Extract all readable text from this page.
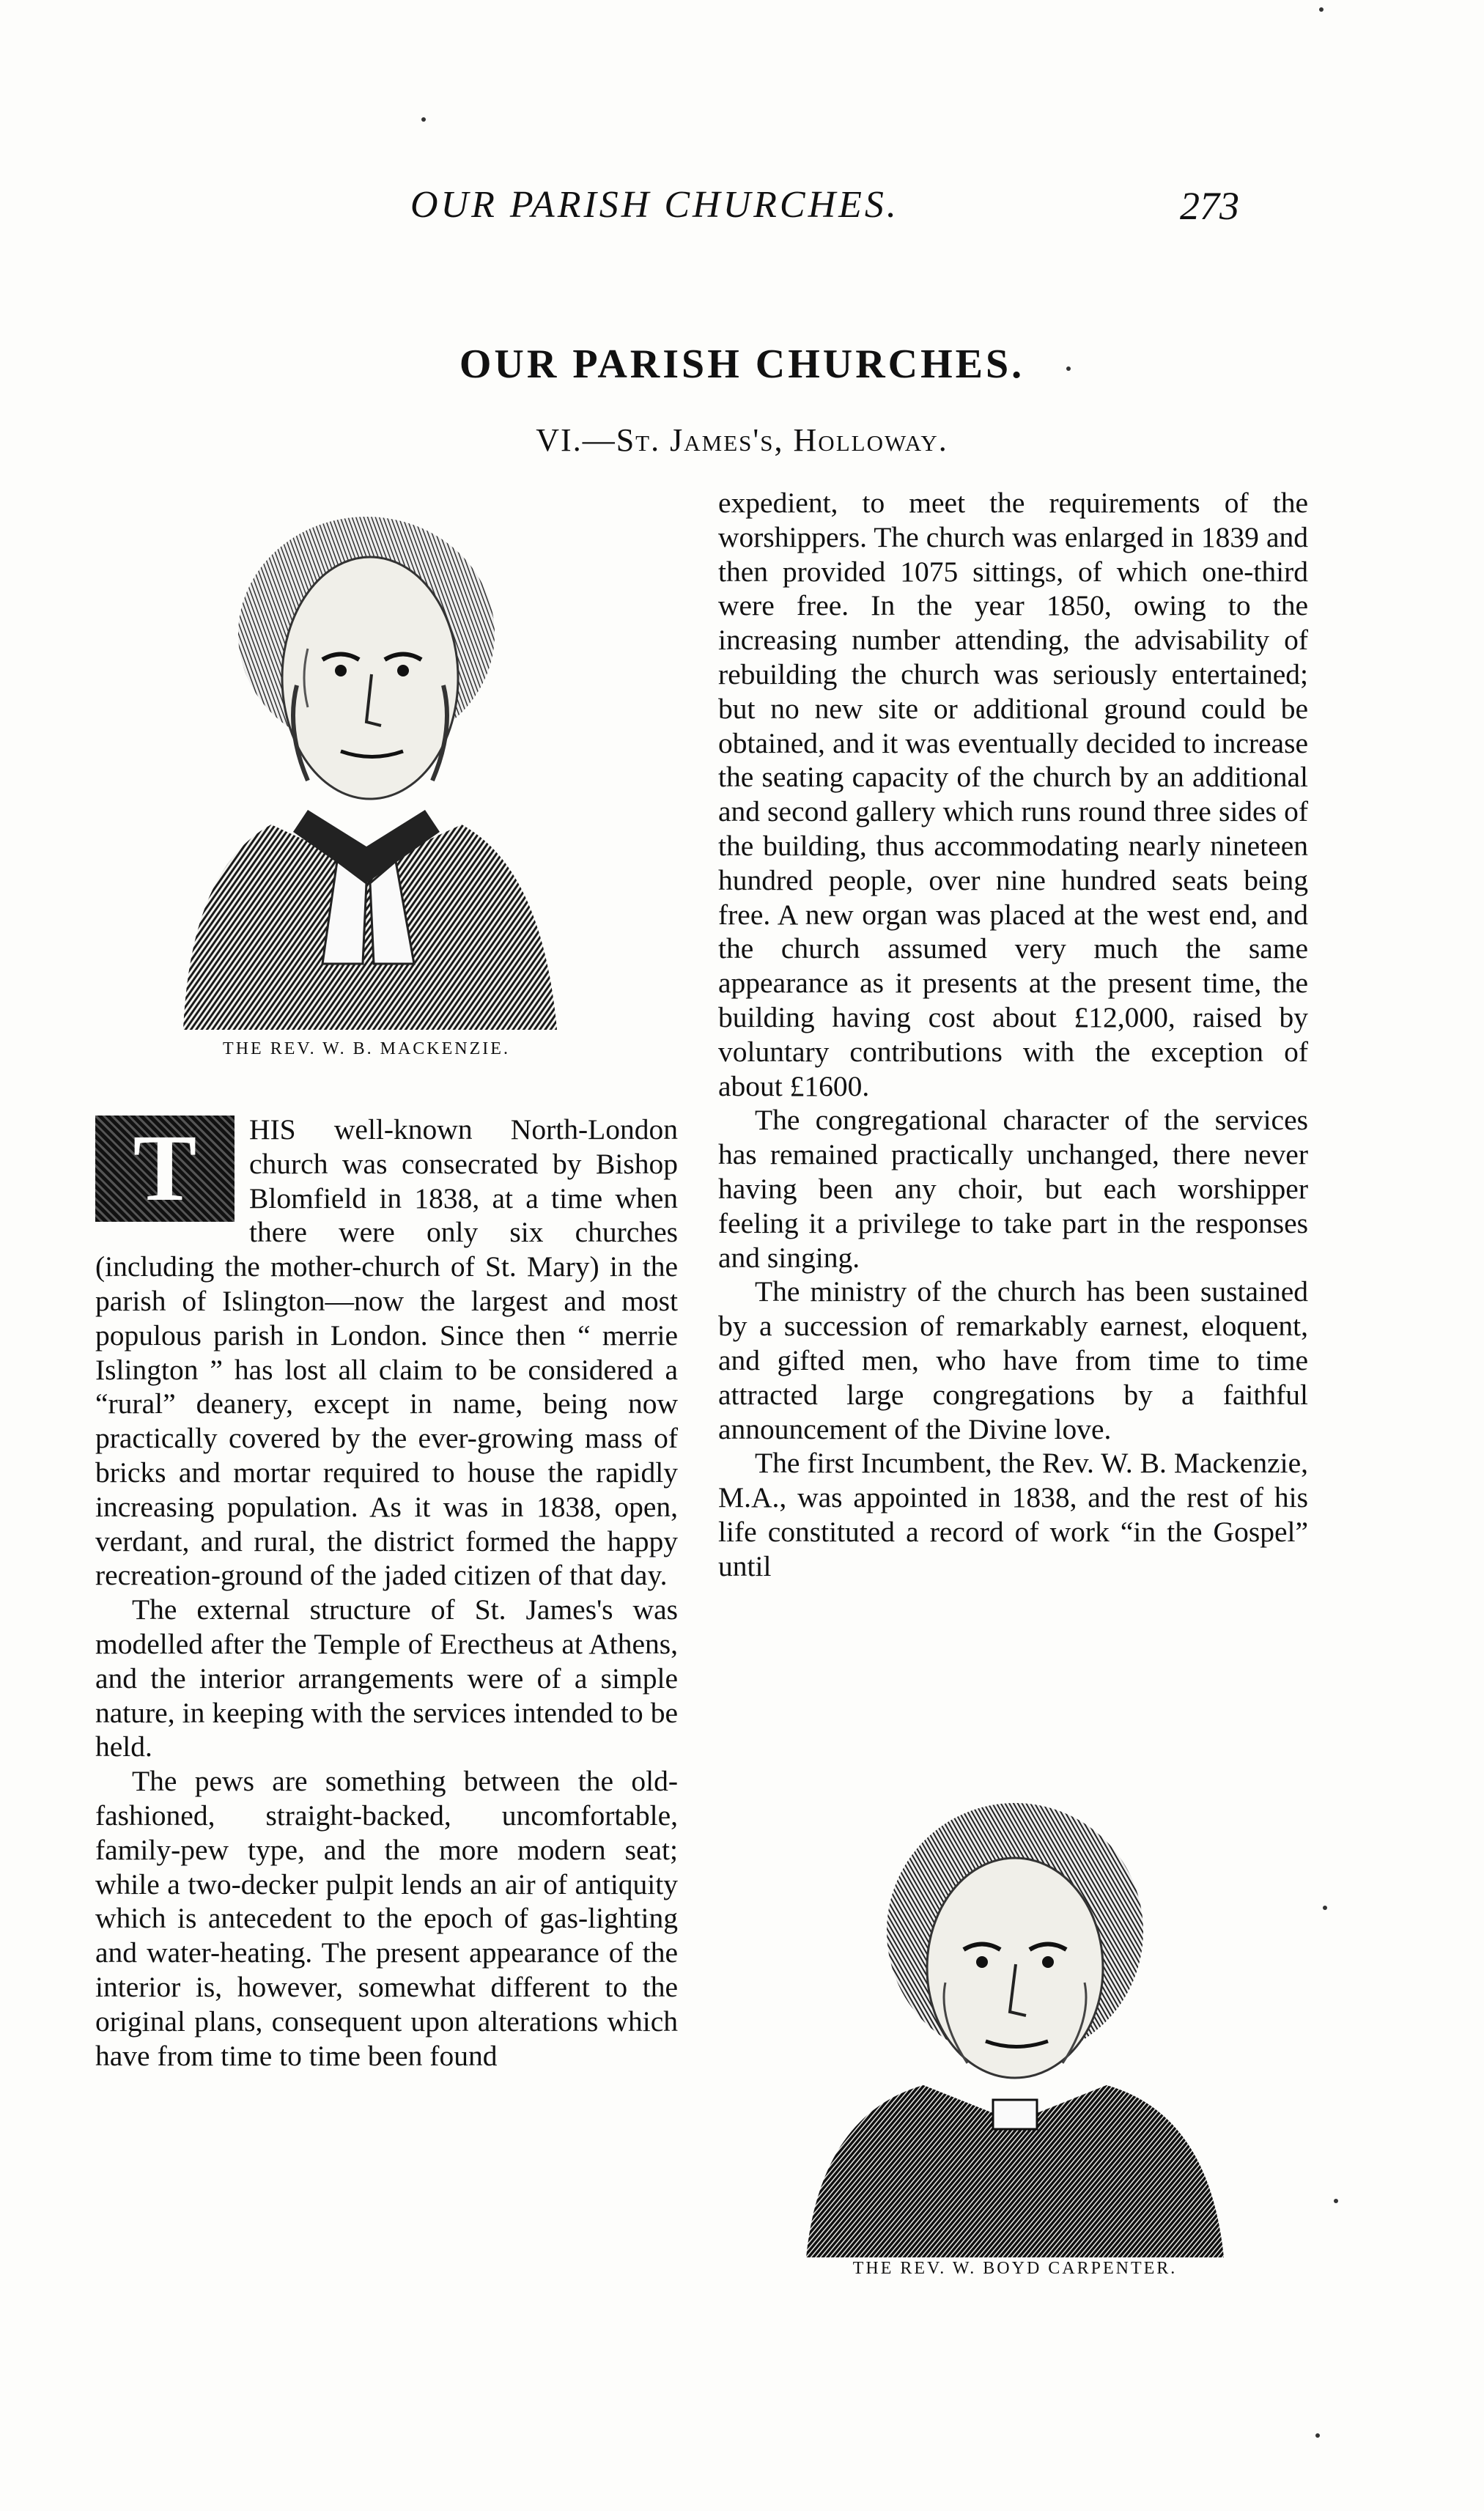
OUR PARISH CHURCHES.	273
OUR PARISH CHURCHES.
VI.—St. James's, Holloway.
THE REV. W. B. MACKENZIE.
THE REV. W. BOYD CARPENTER.

T	HIS well-known North-London church was consecrated by Bishop Blomfield in 1838, at a time when there were only six churches (including the mother-church of St. Mary) in the parish of Islington—now the largest and most populous parish in London. Since then “ merrie Islington ” has lost all claim to be considered a “rural” deanery, except in name, being now practically covered by the ever-growing mass of bricks and mortar required to house the rapidly increasing population. As it was in 1838, open, verdant, and rural, the district formed the happy recreation-ground of the jaded citizen of that day.

The external structure of St. James's was modelled after the Temple of Erectheus at Athens, and the interior arrangements were of a simple nature, in keeping with the services intended to be held.

The pews are something between the old-fashioned, straight-backed, uncomfortable, family-pew type, and the more modern seat; while a two-decker pulpit lends an air of antiquity which is antecedent to the epoch of gas-lighting and water-heating. The present appearance of the interior is, however, somewhat different to the original plans, consequent upon alterations which have from time to time been found

expedient, to meet the requirements of the worshippers. The church was enlarged in 1839 and then provided 1075 sittings, of which one-third were free. In the year 1850, owing to the increasing number attending, the advisability of rebuilding the church was seriously entertained; but no new site or additional ground could be obtained, and it was eventually decided to increase the seating capacity of the church by an additional and second gallery which runs round three sides of the building, thus accommodating nearly nineteen hundred people, over nine hundred seats being free. A new organ was placed at the west end, and the church assumed very much the same appearance as it presents at the present time, the building having cost about £12,000, raised by voluntary contributions with the exception of about £1600.

The congregational character of the services has remained practically unchanged, there never having been any choir, but each worshipper feeling it a privilege to take part in the responses and singing.

The ministry of the church has been sustained by a succession of remarkably earnest, eloquent, and gifted men, who have from time to time attracted large congregations by a faithful announcement of the Divine love.

The first Incumbent, the Rev. W. B. Mackenzie, M.A., was appointed in 1838, and the rest of his life constituted a record of work “in the Gospel” until
